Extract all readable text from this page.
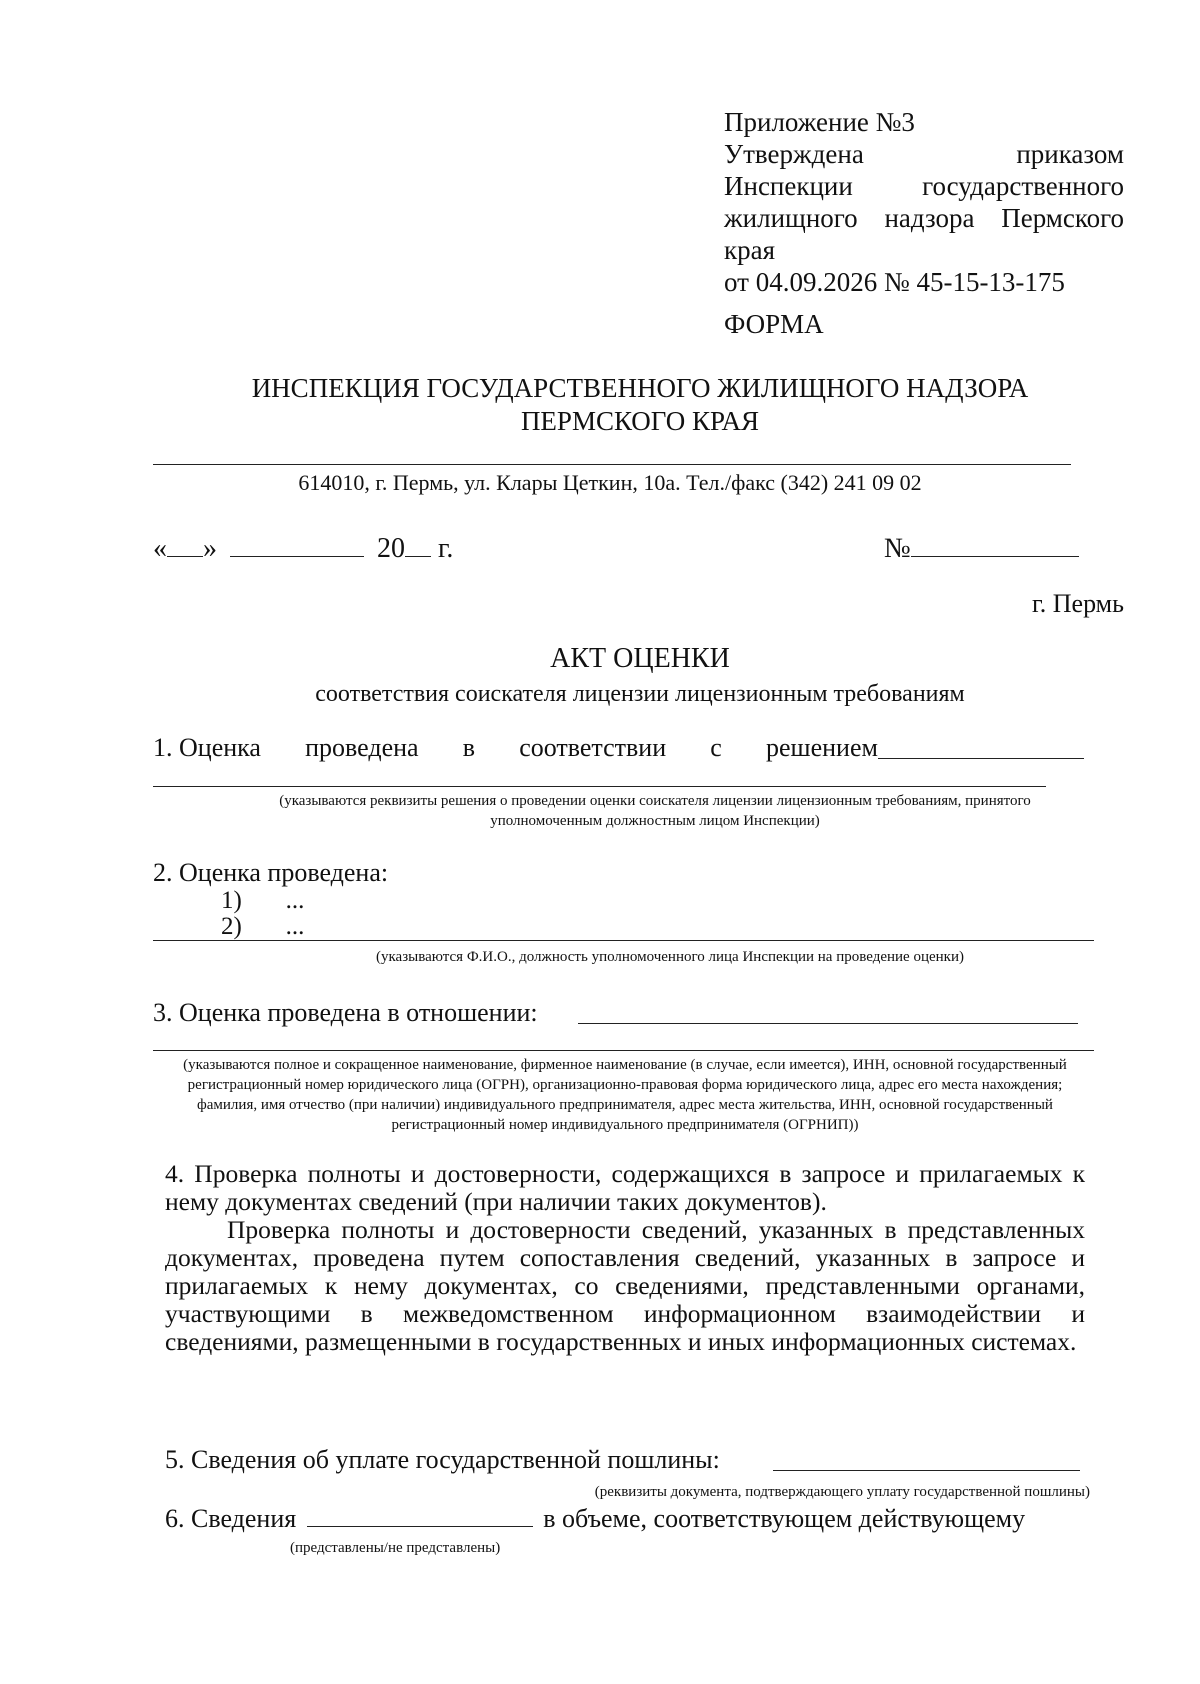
Приложение №3
Утверждена	приказом
Инспекции	государственного
жилищного надзора Пермского
края
от 04.09.2026 № 45-15-13-175
ФОРМА
ИНСПЕКЦИЯ ГОСУДАРСТВЕННОГО ЖИЛИЩНОГО НАДЗОРА
ПЕРМСКОГО КРАЯ
614010, г. Пермь, ул. Клары Цеткин, 10а. Тел./факс (342) 241 09 02
« »	20 г.	№
г. Пермь
АКТ ОЦЕНКИ
соответствия соискателя лицензии лицензионным требованиям
1. Оценка проведена в соответствии с решением
(указываются реквизиты решения о проведении оценки соискателя лицензии лицензионным требованиям, принятого уполномоченным должностным лицом Инспекции)
2. Оценка проведена:
1)       ...
2)       ...
(указываются Ф.И.О., должность уполномоченного лица Инспекции на проведение оценки)
3. Оценка проведена в отношении:
(указываются полное и сокращенное наименование, фирменное наименование (в случае, если имеется), ИНН, основной государственный регистрационный номер юридического лица (ОГРН), организационно-правовая форма юридического лица, адрес его места нахождения; фамилия, имя отчество (при наличии) индивидуального предпринимателя, адрес места жительства, ИНН, основной государственный регистрационный номер индивидуального предпринимателя (ОГРНИП))

4. Проверка полноты и достоверности, содержащихся в запросе и прилагаемых к нему документах сведений (при наличии таких документов).

Проверка полноты и достоверности сведений, указанных в представленных документах, проведена путем сопоставления сведений, указанных в запросе и прилагаемых к нему документах, со сведениями, представленными органами, участвующими в межведомственном информационном взаимодействии и сведениями, размещенными в государственных и иных информационных системах.

5. Сведения об уплате государственной пошлины:
(реквизиты документа, подтверждающего уплату государственной пошлины)
6. Сведения	в объеме, соответствующем действующему
(представлены/не представлены)
